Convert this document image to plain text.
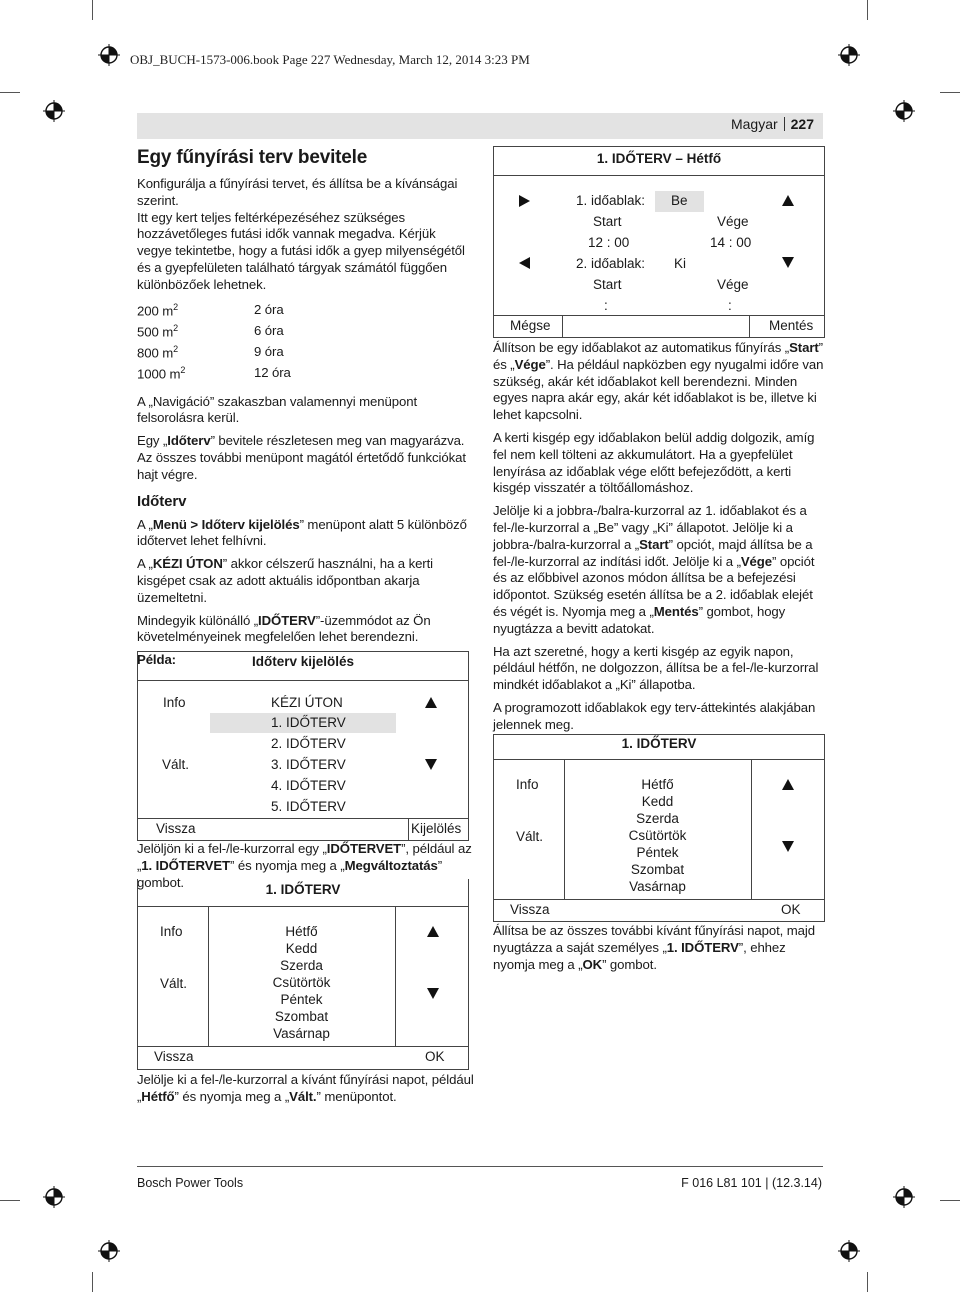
OBJ_BUCH-1573-006.book Page 227 Wednesday, March 12, 2014 3:23 PM
Magyar 227
Egy fűnyírási terv bevitele

Konfigurálja a fűnyírási tervet, és állítsa be a kívánságai szerint.

Itt egy kert teljes feltérképezéséhez szükséges hozzávetőleges futási idők vannak megadva. Kérjük vegye tekintetbe, hogy a futási idők a gyep milyenségétől és a gyepfelületen található tárgyak számától függően különbözőek lehetnek.

200 $m^2$	2 óra
500 $m^2$	6 óra
800 $m^2$	9 óra
1000 $m^2$	12 óra

A „Navigáció” szakaszban valamennyi menüpont felsorolásra kerül.

Egy „Időterv” bevitele részletesen meg van magyarázva. Az összes további menüpont magától értetődő funkciókat hajt végre.

Időterv

A „Menü > Időterv kijelölés” menüpont alatt 5 különböző időtervet lehet felhívni.

A „KÉZI ÚTON” akkor célszerű használni, ha a kerti kisgépet csak az adott aktuális időpontban akarja üzemeltetni.

Mindegyik különálló „IDŐTERV”-üzemmódot az Ön követelményeinek megfelelően lehet berendezni.

Példa:	Időterv kijelölés
Info
Vált.
KÉZI ÚTON
1. IDŐTERV
2. IDŐTERV
3. IDŐTERV
4. IDŐTERV
5. IDŐTERV
Vissza	Kijelölés

Jelöljön ki a fel-/le-kurzorral egy „IDŐTERVET”, például az „1. IDŐTERVET” és nyomja meg a „Megváltoztatás” gombot.	1. IDŐTERV
Info
Vált.
Hétfő
Kedd
Szerda
Csütörtök
Péntek
Szombat
Vasárnap
Vissza	OK

Jelölje ki a fel-/le-kurzorral a kívánt fűnyírási napot, például „Hétfő” és nyomja meg a „Vált.” menüpontot.

1. IDŐTERV – Hétfő
1. időablak: Be
Start	Vége
12 : 00	14 : 00
2. időablak: Ki
Start	Vége
:	:
Mégse	Mentés

Állítson be egy időablakot az automatikus fűnyírás „Start” és „Vége”. Ha például napközben egy nyugalmi időre van szükség, akár két időablakot kell berendezni. Minden egyes napra akár egy, akár két időablakot is be, illetve ki lehet kapcsolni.

A kerti kisgép egy időablakon belül addig dolgozik, amíg fel nem kell tölteni az akkumulátort. Ha a gyepfelület lenyírása az időablak vége előtt befejeződött, a kerti kisgép visszatér a töltőállomáshoz.

Jelölje ki a jobbra-/balra-kurzorral az 1. időablakot és a fel-/le-kurzorral a „Be” vagy „Ki” állapotot. Jelölje ki a jobbra-/balra-kurzorral a „Start” opciót, majd állítsa be a fel-/le-kurzorral az indítási időt. Jelölje ki a „Vége” opciót és az előbbivel azonos módon állítsa be a befejezési időpontot. Szükség esetén állítsa be a 2. időablak elejét és végét is. Nyomja meg a „Mentés” gombot, hogy nyugtázza a bevitt adatokat.

Ha azt szeretné, hogy a kerti kisgép az egyik napon, például hétfőn, ne dolgozzon, állítsa be a fel-/le-kurzorral mindkét időablakot a „Ki” állapotba.

A programozott időablakok egy terv-áttekintés alakjában jelennek meg.

1. IDŐTERV
Info
Vált.
Hétfő
Kedd
Szerda
Csütörtök
Péntek
Szombat
Vasárnap
Vissza	OK

Állítsa be az összes további kívánt fűnyírási napot, majd nyugtázza a saját személyes „1. IDŐTERV”, ehhez nyomja meg a „OK” gombot.

Bosch Power Tools	F 016 L81 101 | (12.3.14)
